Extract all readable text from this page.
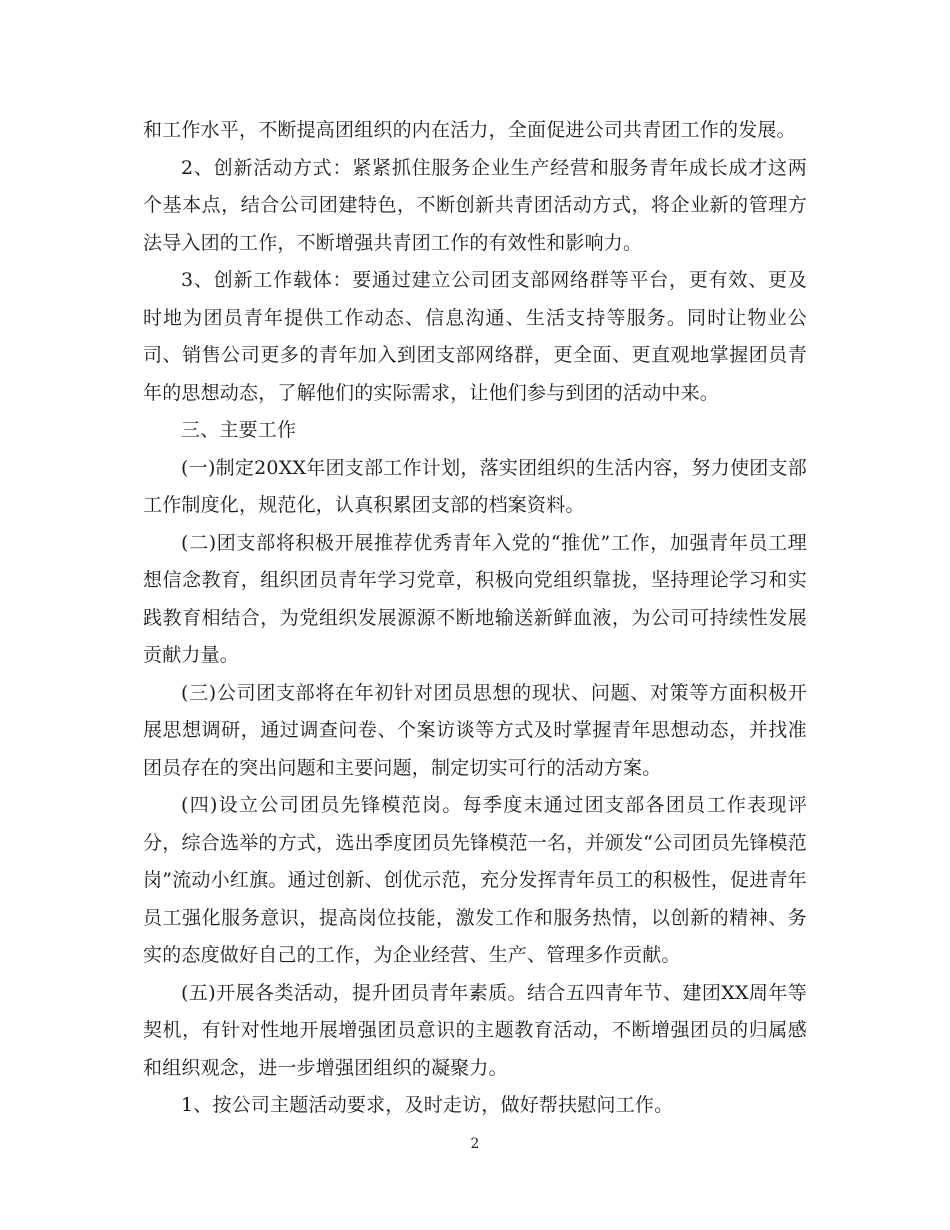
和工作水平，不断提高团组织的内在活力，全面促进公司共青团工作的发展。

2、创新活动方式：紧紧抓住服务企业生产经营和服务青年成长成才这两个基本点，结合公司团建特色，不断创新共青团活动方式，将企业新的管理方法导入团的工作，不断增强共青团工作的有效性和影响力。

3、创新工作载体：要通过建立公司团支部网络群等平台，更有效、更及时地为团员青年提供工作动态、信息沟通、生活支持等服务。同时让物业公司、销售公司更多的青年加入到团支部网络群，更全面、更直观地掌握团员青年的思想动态，了解他们的实际需求，让他们参与到团的活动中来。

三、主要工作

(一)制定20XX年团支部工作计划，落实团组织的生活内容，努力使团支部工作制度化，规范化，认真积累团支部的档案资料。

(二)团支部将积极开展推荐优秀青年入党的“推优”工作，加强青年员工理想信念教育，组织团员青年学习党章，积极向党组织靠拢，坚持理论学习和实践教育相结合，为党组织发展源源不断地输送新鲜血液，为公司可持续性发展贡献力量。

(三)公司团支部将在年初针对团员思想的现状、问题、对策等方面积极开展思想调研，通过调查问卷、个案访谈等方式及时掌握青年思想动态，并找准团员存在的突出问题和主要问题，制定切实可行的活动方案。

(四)设立公司团员先锋模范岗。每季度末通过团支部各团员工作表现评分，综合选举的方式，选出季度团员先锋模范一名，并颁发“公司团员先锋模范岗”流动小红旗。通过创新、创优示范，充分发挥青年员工的积极性，促进青年员工强化服务意识，提高岗位技能，激发工作和服务热情，以创新的精神、务实的态度做好自己的工作，为企业经营、生产、管理多作贡献。

(五)开展各类活动，提升团员青年素质。结合五四青年节、建团XX周年等契机，有针对性地开展增强团员意识的主题教育活动，不断增强团员的归属感和组织观念，进一步增强团组织的凝聚力。

1、按公司主题活动要求，及时走访，做好帮扶慰问工作。

2
